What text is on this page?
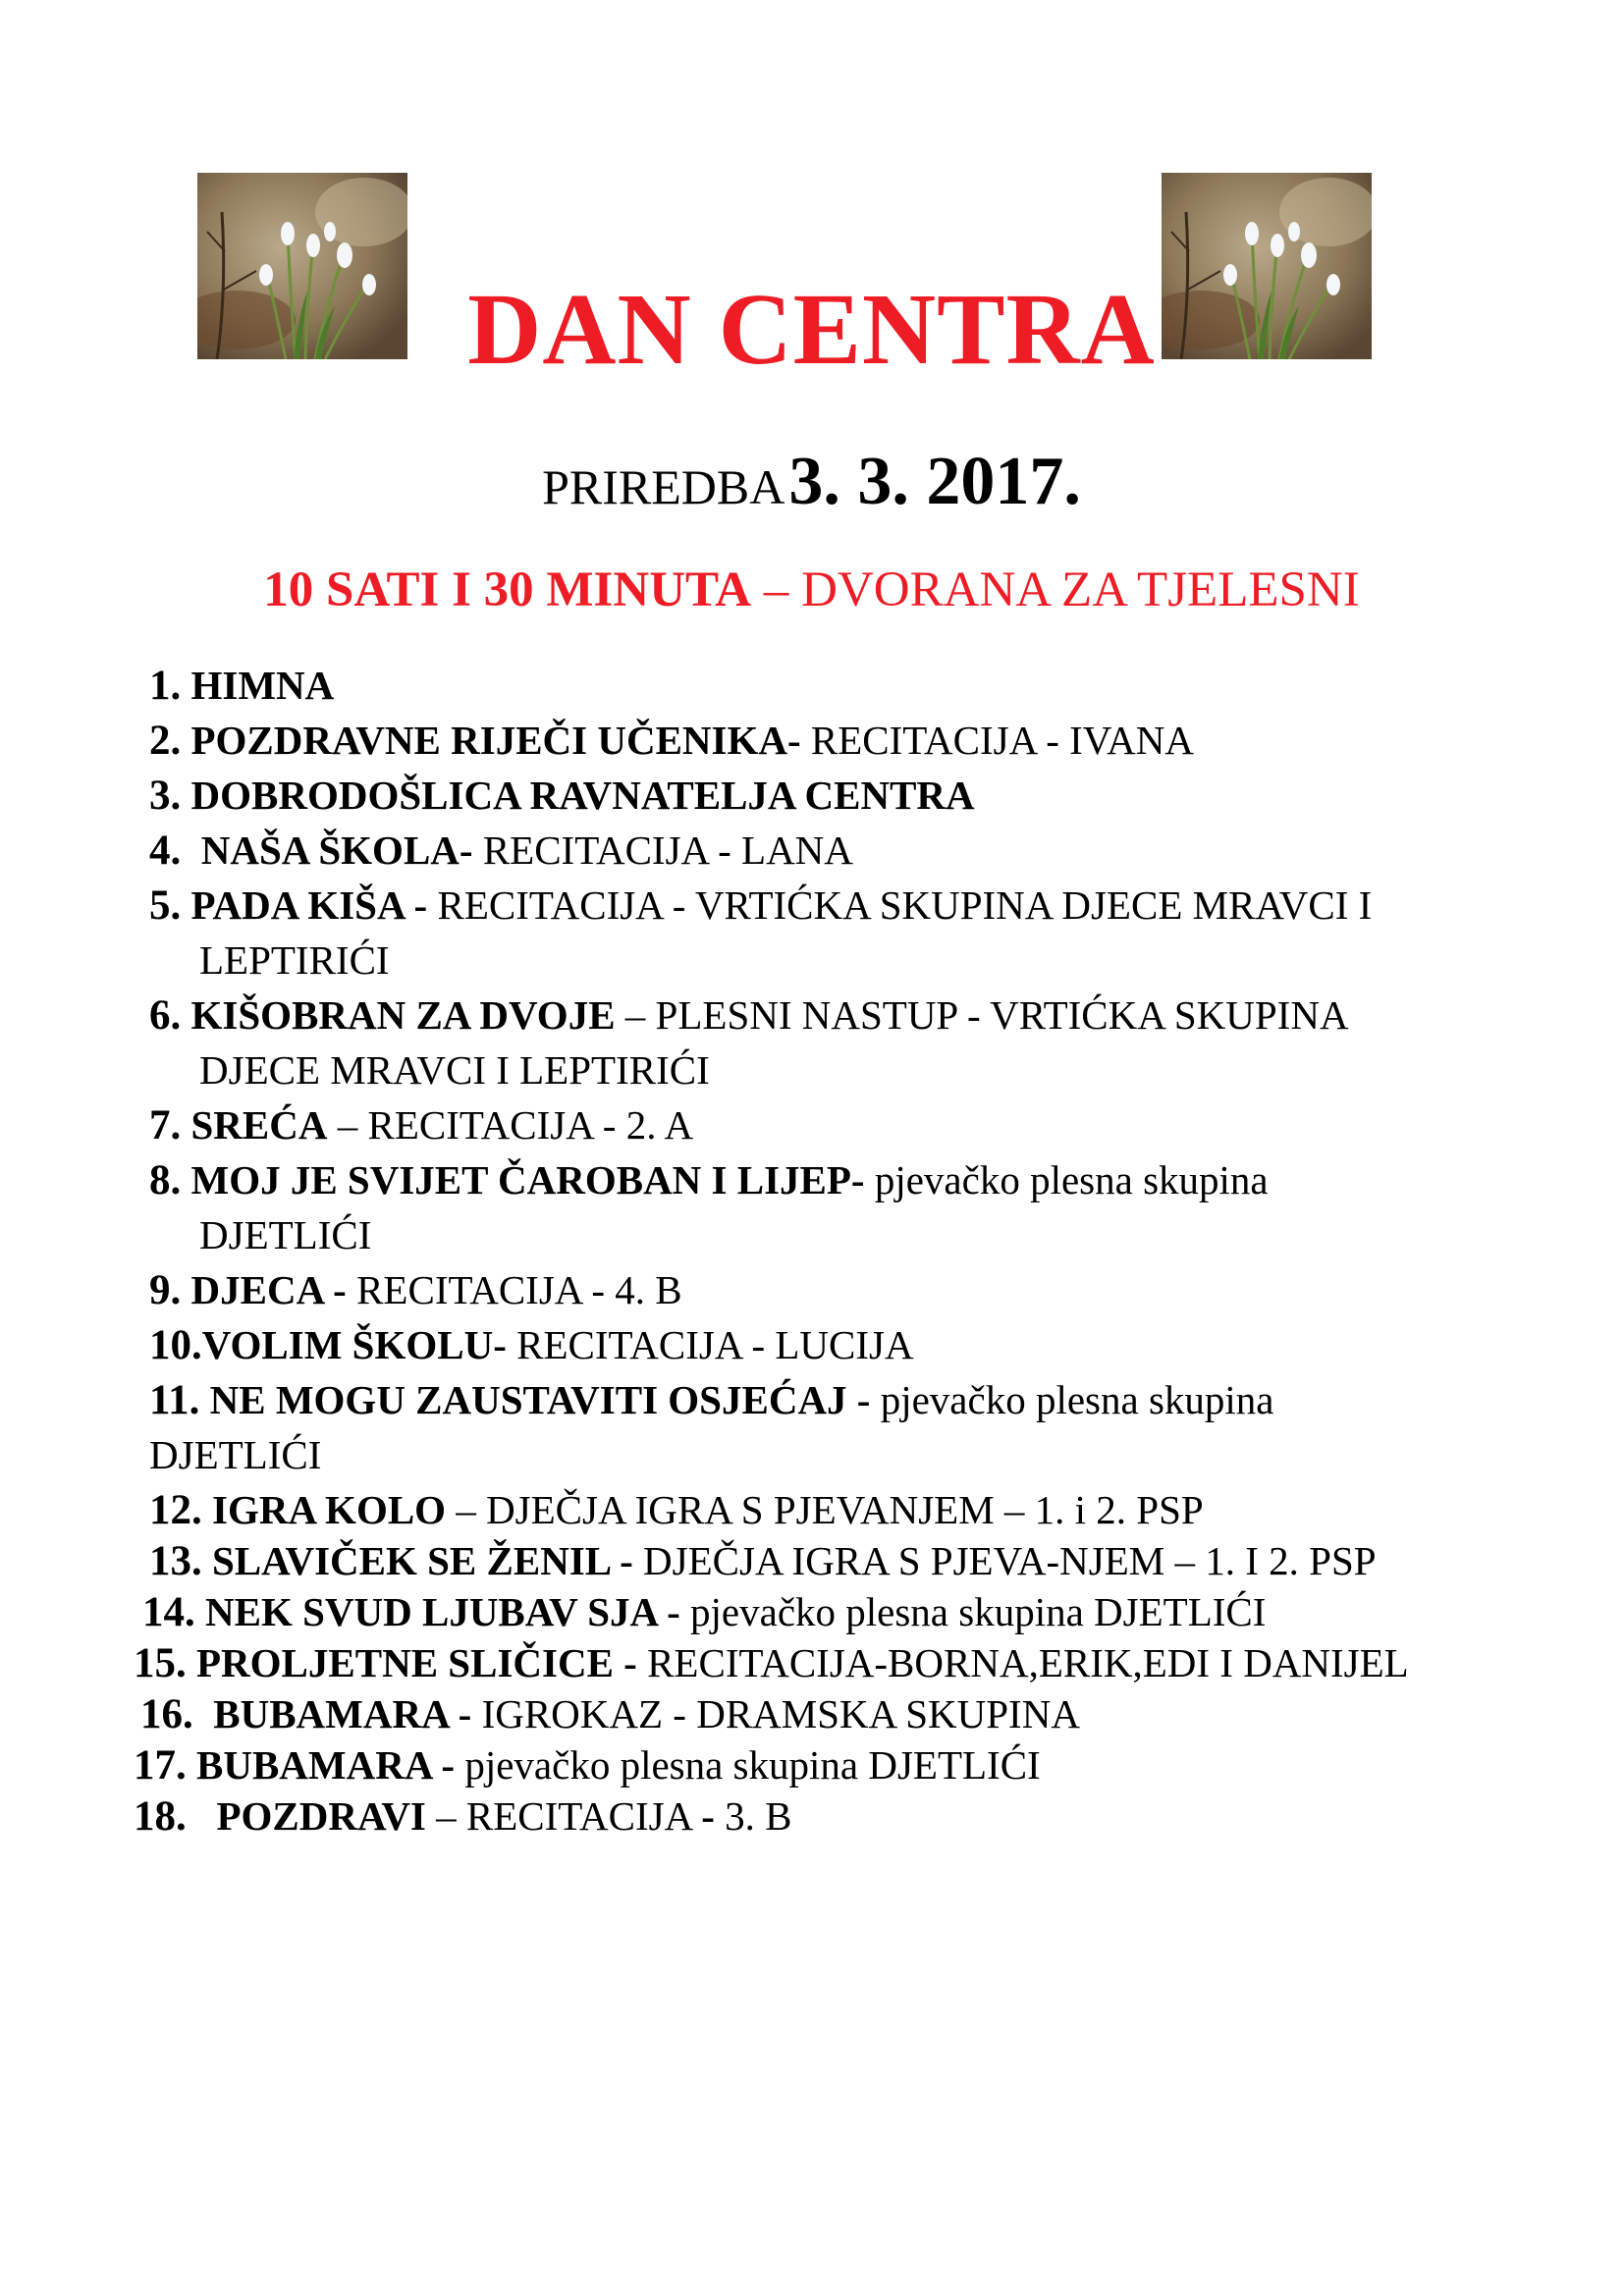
DAN CENTRA
PRIREDBA 3. 3. 2017.
10 SATI I 30 MINUTA – DVORANA ZA TJELESNI
1. HIMNA
2. POZDRAVNE RIJEČI UČENIKA- RECITACIJA - IVANA
3. DOBRODOŠLICA RAVNATELJA CENTRA
4. NAŠA ŠKOLA- RECITACIJA - LANA
5. PADA KIŠA - RECITACIJA - VRTIĆKA SKUPINA DJECE MRAVCI I
LEPTIRIĆI
6. KIŠOBRAN ZA DVOJE – PLESNI NASTUP - VRTIĆKA SKUPINA
DJECE MRAVCI I LEPTIRIĆI
7. SREĆA – RECITACIJA - 2. A
8. MOJ JE SVIJET ČAROBAN I LIJEP- pjevačko plesna skupina
DJETLIĆI
9. DJECA - RECITACIJA - 4. B
10.VOLIM ŠKOLU- RECITACIJA - LUCIJA
11. NE MOGU ZAUSTAVITI OSJEĆAJ - pjevačko plesna skupina
DJETLIĆI
12. IGRA KOLO – DJEČJA IGRA S PJEVANJEM – 1. i 2. PSP
13. SLAVIČEK SE ŽENIL - DJEČJA IGRA S PJEVA-NJEM – 1. I 2. PSP
14. NEK SVUD LJUBAV SJA - pjevačko plesna skupina DJETLIĆI
15. PROLJETNE SLIČICE - RECITACIJA-BORNA,ERIK,EDI I DANIJEL
16. BUBAMARA - IGROKAZ - DRAMSKA SKUPINA
17. BUBAMARA - pjevačko plesna skupina DJETLIĆI
18. POZDRAVI – RECITACIJA - 3. B
